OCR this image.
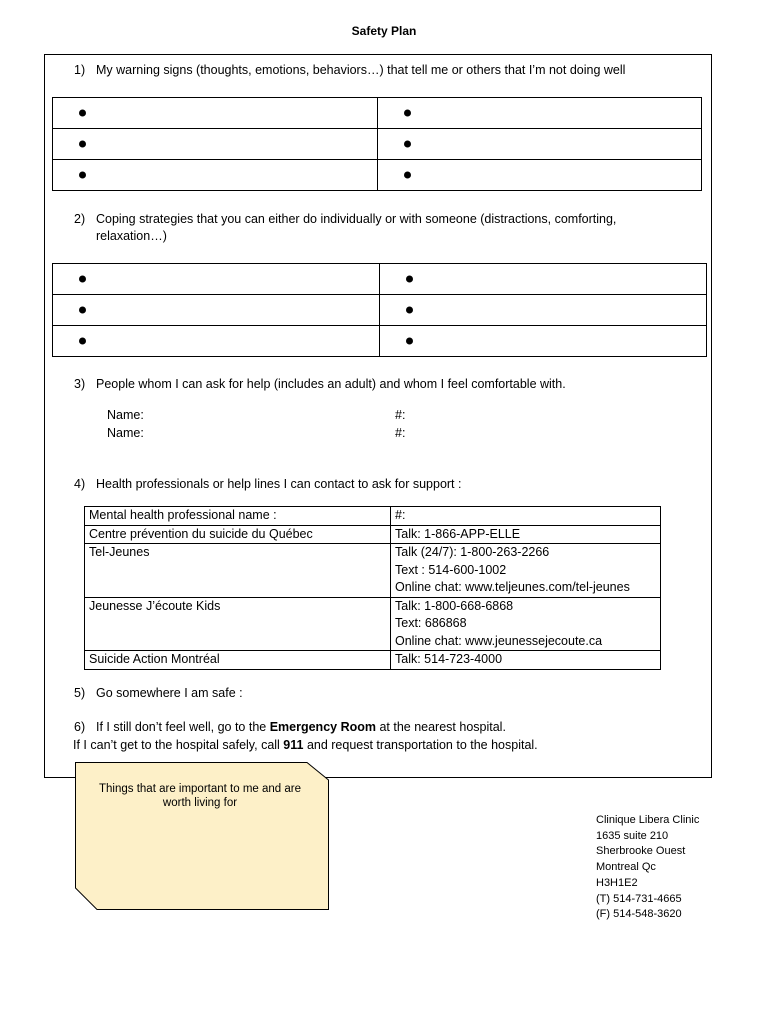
Safety Plan
1) My warning signs (thoughts, emotions, behaviors…) that tell me or others that I’m not doing well

2) Coping strategies that you can either do individually or with someone (distractions, comforting,
relaxation…)

3) People whom I can ask for help (includes an adult) and whom I feel comfortable with.
Name:	#:
Name:	#:
4) Health professionals or help lines I can contact to ask for support :
Mental health professional name :	#:

Centre prévention du suicide du Québec	Talk: 1-866-APP-ELLE

Tel-Jeunes	Talk (24/7): 1-800-263-2266
Text : 514-600-1002
Online chat: www.teljeunes.com/tel-jeunes

Jeunesse J’écoute Kids	Talk: 1-800-668-6868
Text: 686868
Online chat: www.jeunessejecoute.ca

Suicide Action Montréal	Talk: 514-723-4000
5) Go somewhere I am safe :
6) If I still don’t feel well, go to the Emergency Room at the nearest hospital.
If I can’t get to the hospital safely, call 911 and request transportation to the hospital.
Things that are important to me and are worth living for
Clinique Libera Clinic
1635 suite 210
Sherbrooke Ouest
Montreal Qc
H3H1E2
(T) 514-731-4665
(F) 514-548-3620
